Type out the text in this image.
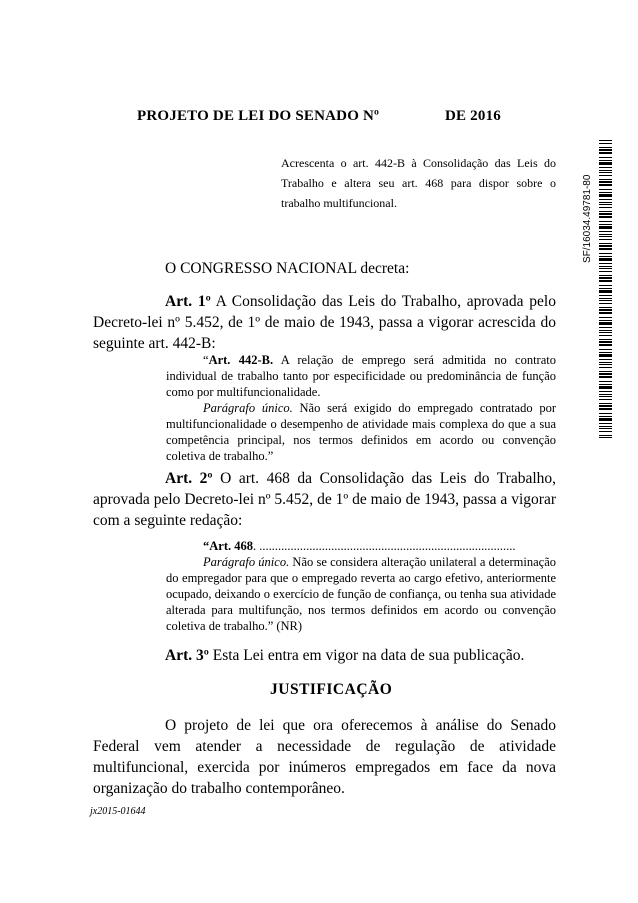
PROJETO DE LEI DO SENADO Nº	DE 2016
Acrescenta o art. 442-B à Consolidação das Leis do Trabalho e altera seu art. 468 para dispor sobre o trabalho multifuncional.
O CONGRESSO NACIONAL decreta:
Art. 1º A Consolidação das Leis do Trabalho, aprovada pelo Decreto-lei nº 5.452, de 1º de maio de 1943, passa a vigorar acrescida do seguinte art. 442-B:
“Art. 442-B. A relação de emprego será admitida no contrato individual de trabalho tanto por especificidade ou predominância de função como por multifuncionalidade.
Parágrafo único. Não será exigido do empregado contratado por multifuncionalidade o desempenho de atividade mais complexa do que a sua competência principal, nos termos definidos em acordo ou convenção coletiva de trabalho.”
Art. 2º O art. 468 da Consolidação das Leis do Trabalho, aprovada pelo Decreto-lei nº 5.452, de 1º de maio de 1943, passa a vigorar com a seguinte redação:
“Art. 468. ..................................................................................
Parágrafo único. Não se considera alteração unilateral a determinação do empregador para que o empregado reverta ao cargo efetivo, anteriormente ocupado, deixando o exercício de função de confiança, ou tenha sua atividade alterada para multifunção, nos termos definidos em acordo ou convenção coletiva de trabalho.” (NR)
Art. 3º Esta Lei entra em vigor na data de sua publicação.
JUSTIFICAÇÃO
O projeto de lei que ora oferecemos à análise do Senado Federal vem atender a necessidade de regulação de atividade multifuncional, exercida por inúmeros empregados em face da nova organização do trabalho contemporâneo.
jx2015-01644
SF/16034.49781-80
